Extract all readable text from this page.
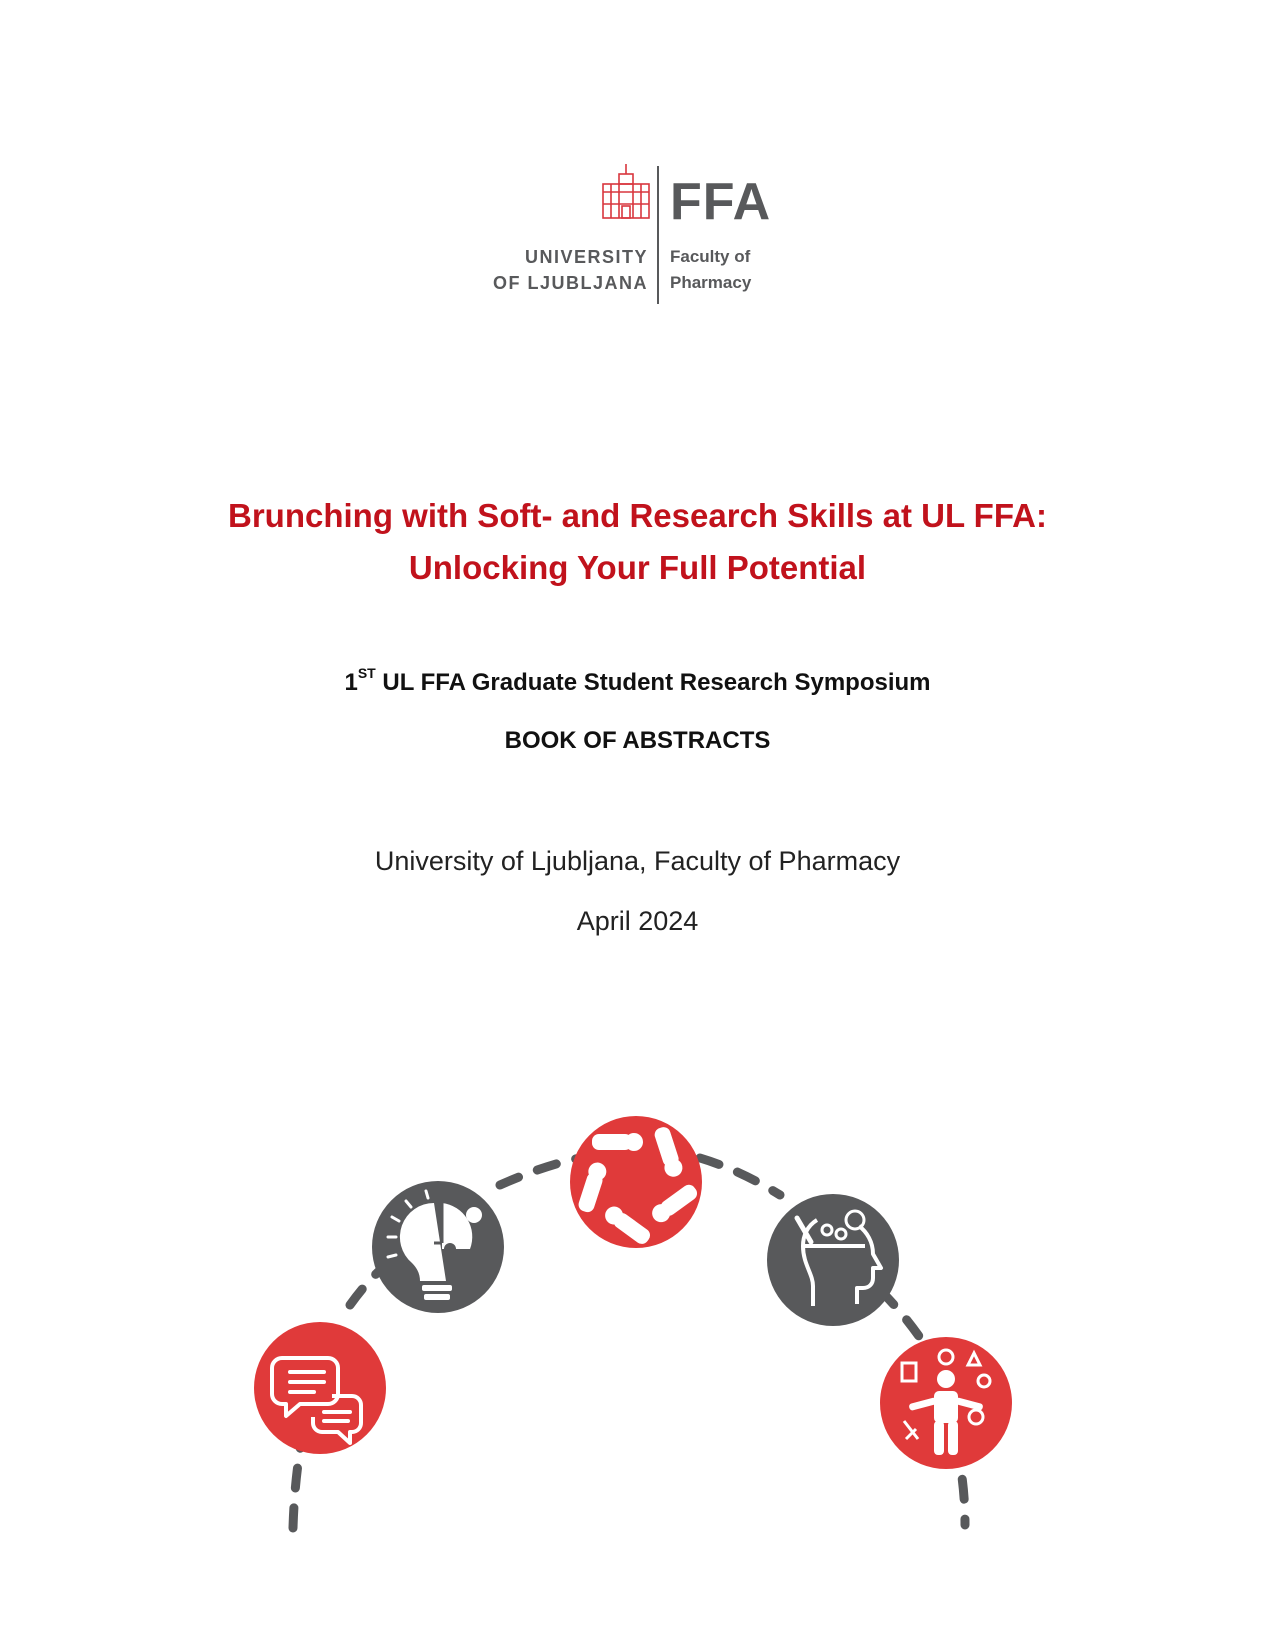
FFA
UNIVERSITY
OF LJUBLJANA
Faculty of
Pharmacy
Brunching with Soft- and Research Skills at UL FFA:
Unlocking Your Full Potential
1ST UL FFA Graduate Student Research Symposium
BOOK OF ABSTRACTS
University of Ljubljana, Faculty of Pharmacy
April 2024
